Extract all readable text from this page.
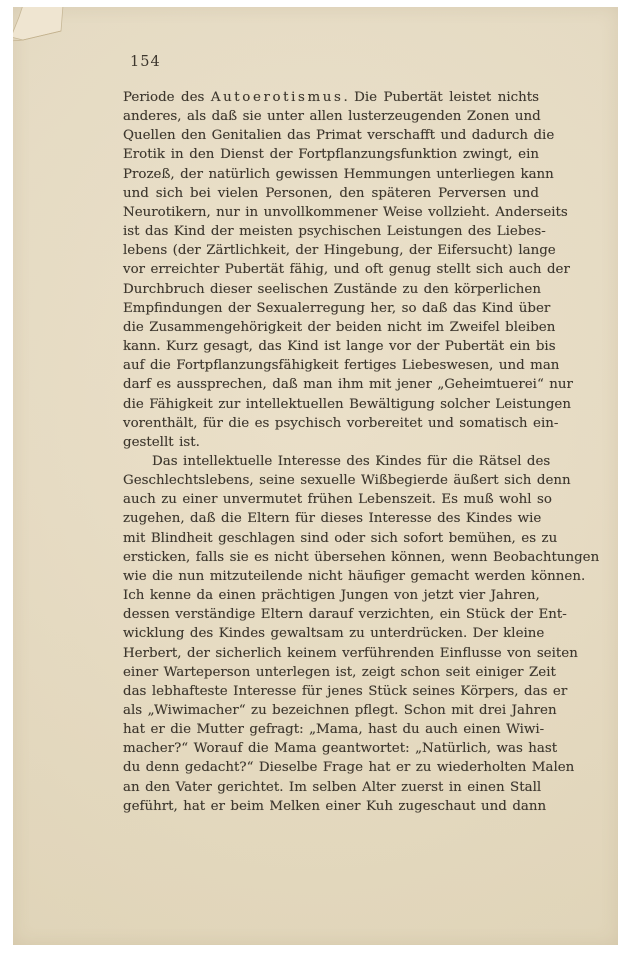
154
Periode des Autoerotismus. Die Pubertät leistet nichts
anderes, als daß sie unter allen lusterzeugenden Zonen und
Quellen den Genitalien das Primat verschafft und dadurch die
Erotik in den Dienst der Fortpflanzungsfunktion zwingt, ein
Prozeß, der natürlich gewissen Hemmungen unterliegen kann
und sich bei vielen Personen, den späteren Perversen und
Neurotikern, nur in unvollkommener Weise vollzieht. Anderseits
ist das Kind der meisten psychischen Leistungen des Liebes-
lebens (der Zärtlichkeit, der Hingebung, der Eifersucht) lange
vor erreichter Pubertät fähig, und oft genug stellt sich auch der
Durchbruch dieser seelischen Zustände zu den körperlichen
Empfindungen der Sexualerregung her, so daß das Kind über
die Zusammengehörigkeit der beiden nicht im Zweifel bleiben
kann. Kurz gesagt, das Kind ist lange vor der Pubertät ein bis
auf die Fortpflanzungsfähigkeit fertiges Liebeswesen, und man
darf es aussprechen, daß man ihm mit jener „Geheimtuerei“ nur
die Fähigkeit zur intellektuellen Bewältigung solcher Leistungen
vorenthält, für die es psychisch vorbereitet und somatisch ein-
gestellt ist.
Das intellektuelle Interesse des Kindes für die Rätsel des
Geschlechtslebens, seine sexuelle Wißbegierde äußert sich denn
auch zu einer unvermutet frühen Lebenszeit. Es muß wohl so
zugehen, daß die Eltern für dieses Interesse des Kindes wie
mit Blindheit geschlagen sind oder sich sofort bemühen, es zu
ersticken, falls sie es nicht übersehen können, wenn Beobachtungen
wie die nun mitzuteilende nicht häufiger gemacht werden können.
Ich kenne da einen prächtigen Jungen von jetzt vier Jahren,
dessen verständige Eltern darauf verzichten, ein Stück der Ent-
wicklung des Kindes gewaltsam zu unterdrücken. Der kleine
Herbert, der sicherlich keinem verführenden Einflusse von seiten
einer Warteperson unterlegen ist, zeigt schon seit einiger Zeit
das lebhafteste Interesse für jenes Stück seines Körpers, das er
als „Wiwimacher“ zu bezeichnen pflegt. Schon mit drei Jahren
hat er die Mutter gefragt: „Mama, hast du auch einen Wiwi-
macher?“ Worauf die Mama geantwortet: „Natürlich, was hast
du denn gedacht?“ Dieselbe Frage hat er zu wiederholten Malen
an den Vater gerichtet. Im selben Alter zuerst in einen Stall
geführt, hat er beim Melken einer Kuh zugeschaut und dann
